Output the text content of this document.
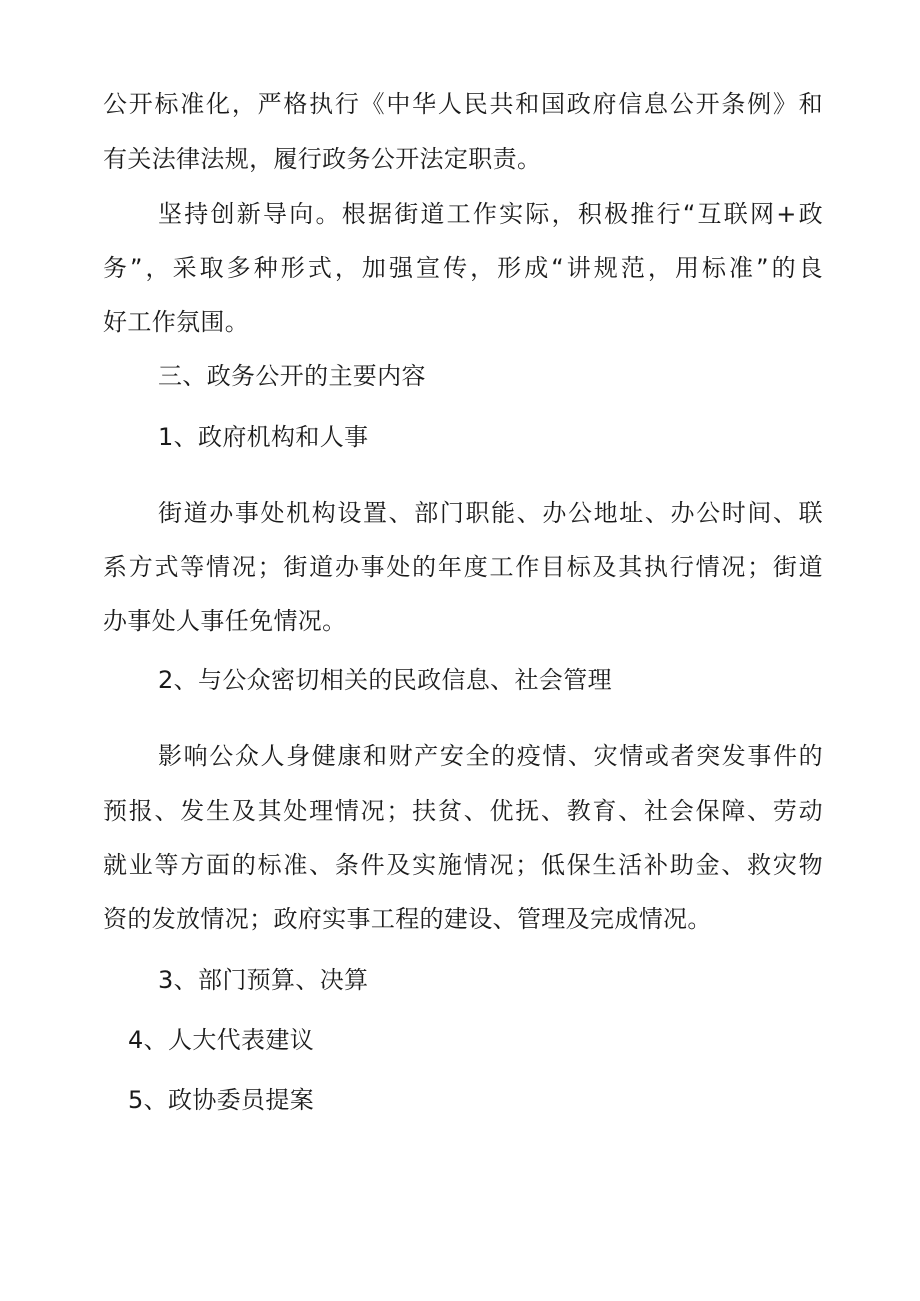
公开标准化，严格执行《中华人民共和国政府信息公开条例》和
有关法律法规，履行政务公开法定职责。
坚持创新导向。根据街道工作实际，积极推行“互联网+政
务”，采取多种形式，加强宣传，形成“讲规范，用标准”的良
好工作氛围。
三、政务公开的主要内容
1、政府机构和人事
街道办事处机构设置、部门职能、办公地址、办公时间、联
系方式等情况；街道办事处的年度工作目标及其执行情况；街道
办事处人事任免情况。
2、与公众密切相关的民政信息、社会管理
影响公众人身健康和财产安全的疫情、灾情或者突发事件的
预报、发生及其处理情况；扶贫、优抚、教育、社会保障、劳动
就业等方面的标准、条件及实施情况；低保生活补助金、救灾物
资的发放情况；政府实事工程的建设、管理及完成情况。
3、部门预算、决算
4、人大代表建议
5、政协委员提案
